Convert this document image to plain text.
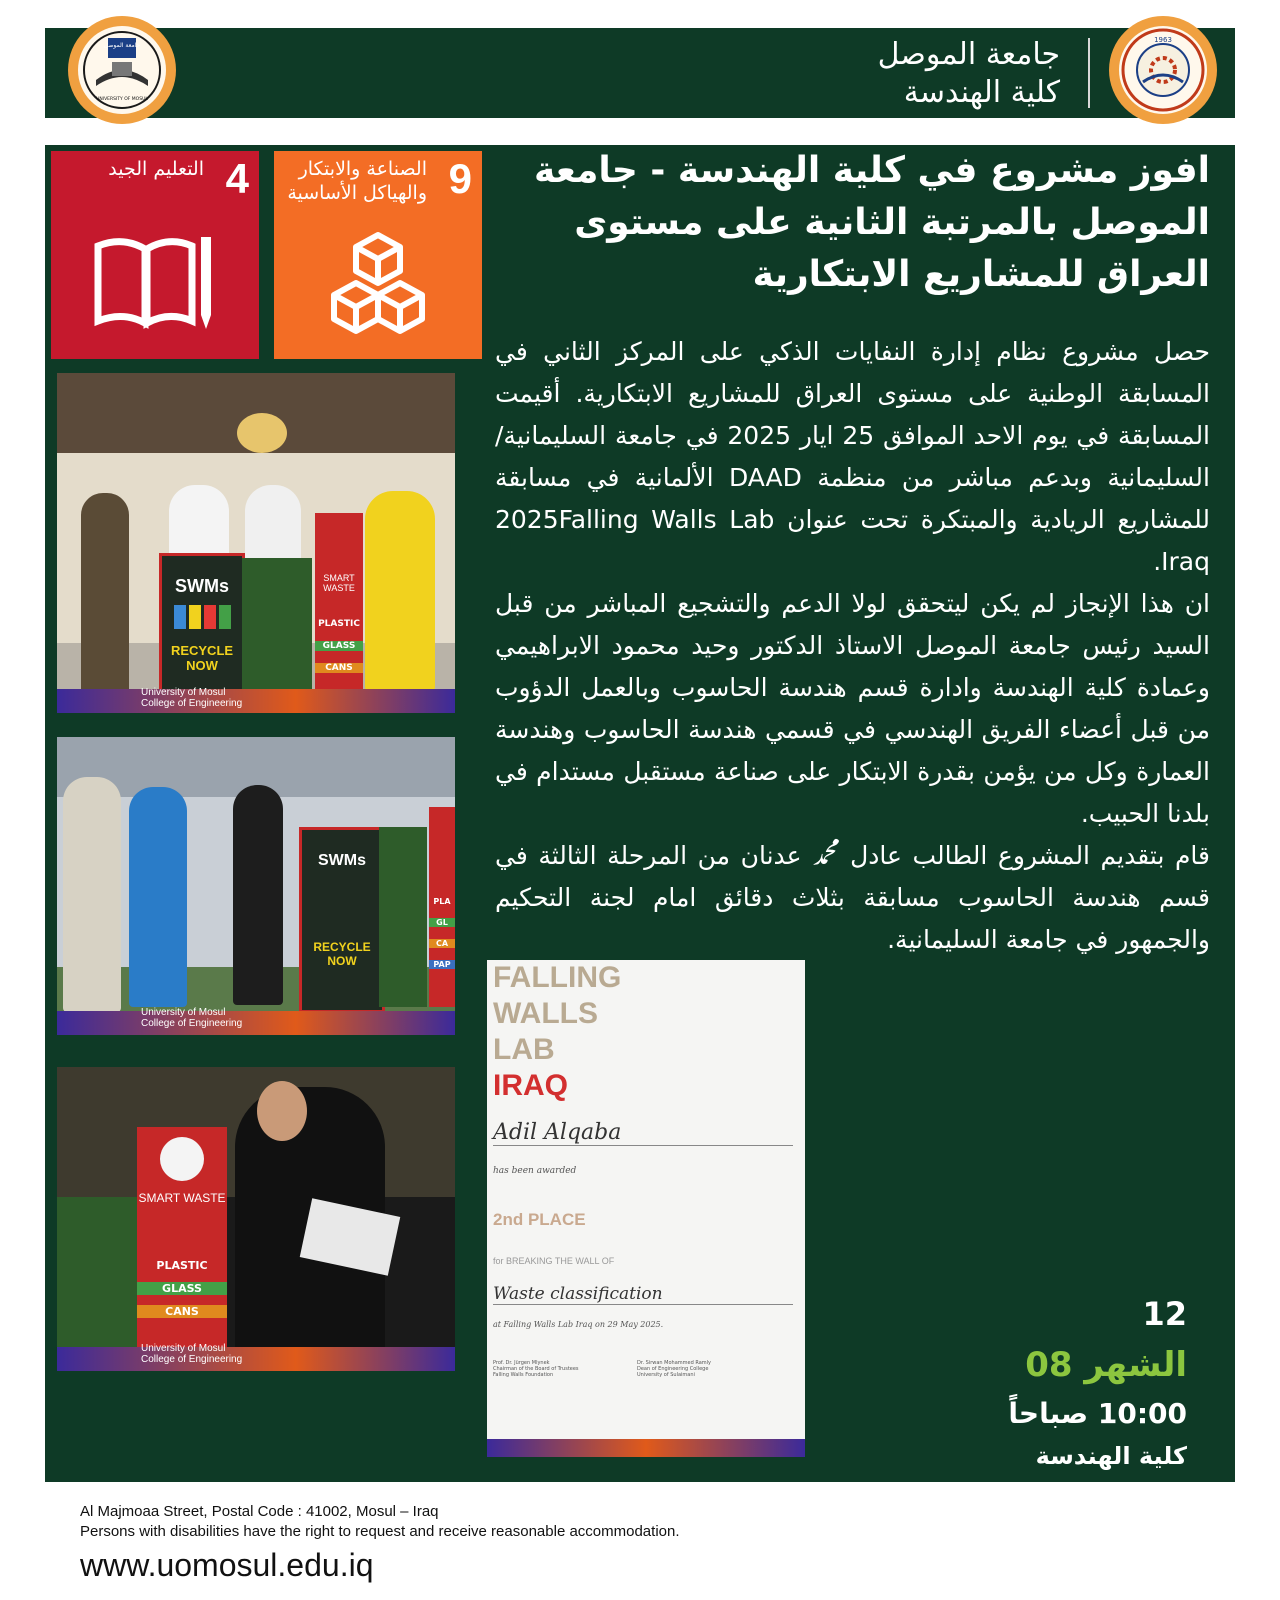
جامعة الموصل
UNIVERSITY OF MOSUL
جامعة الموصل
كلية الهندسة
1963
4
التعليم الجيد	9
الصناعة والابتكار والهياكل الأساسية
SWMs
RECYCLE NOW
SMART WASTE
PLASTIC
GLASS
CANS
University of Mosul
College of Engineering
SWMs
RECYCLE NOW
PLA
GL
CA
PAP
University of Mosul
College of Engineering
SMART WASTE
PLASTIC
GLASS
CANS
University of Mosul
College of Engineering
افوز مشروع في كلية الهندسة - جامعة الموصل بالمرتبة الثانية على مستوى العراق للمشاريع الابتكارية
حصل مشروع نظام إدارة النفايات الذكي على المركز الثاني في المسابقة الوطنية على مستوى العراق للمشاريع الابتكارية. أقيمت المسابقة في يوم الاحد الموافق 25 ايار 2025 في جامعة السليمانية/السليمانية وبدعم مباشر من منظمة DAAD الألمانية في مسابقة للمشاريع الريادية والمبتكرة تحت عنوان 2025Falling Walls Lab Iraq.
ان هذا الإنجاز لم يكن ليتحقق لولا الدعم والتشجيع المباشر من قبل السيد رئيس جامعة الموصل الاستاذ الدكتور وحيد محمود الابراهيمي وعمادة كلية الهندسة وادارة قسم هندسة الحاسوب وبالعمل الدؤوب من قبل أعضاء الفريق الهندسي في قسمي هندسة الحاسوب وهندسة العمارة وكل من يؤمن بقدرة الابتكار على صناعة مستقبل مستدام في بلدنا الحبيب.
قام بتقديم المشروع الطالب عادل ﷴ عدنان من المرحلة الثالثة في قسم هندسة الحاسوب مسابقة بثلاث دقائق امام لجنة التحكيم والجمهور في جامعة السليمانية.
FALLING
WALLS
LAB
IRAQ
Adil Alqaba
has been awarded
2nd PLACE
for BREAKING THE WALL OF
Waste classification
at Falling Walls Lab Iraq on 29 May 2025.
Prof. Dr. Jürgen Mlynek
Chairman of the Board of Trustees
Falling Walls Foundation
Dr. Sirwan Mohammed Ramly
Dean of Engineering College
University of Sulaimani
12
الشهر 08
10:00 صباحاً
كلية الهندسة
Al Majmoaa Street, Postal Code : 41002, Mosul – Iraq
Persons with disabilities have the right to request and receive reasonable accommodation.
www.uomosul.edu.iq
